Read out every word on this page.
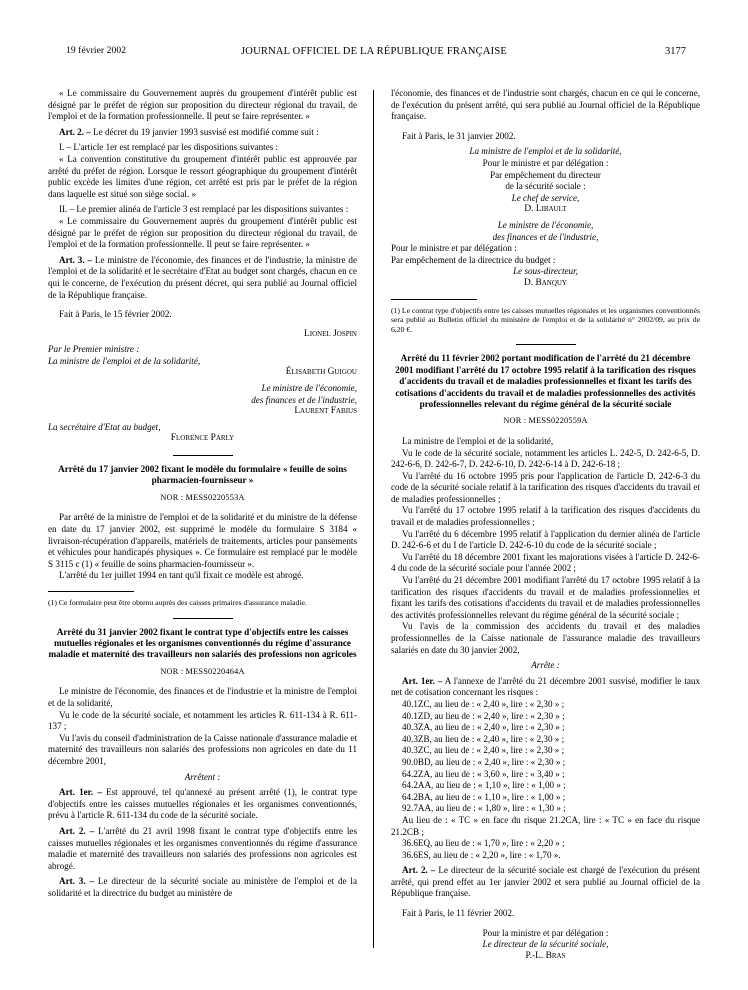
19 février 2002	JOURNAL OFFICIEL DE LA RÉPUBLIQUE FRANÇAISE	3177

« Le commissaire du Gouvernement auprès du groupement d'intérêt public est désigné par le préfet de région sur proposition du directeur régional du travail, de l'emploi et de la formation professionnelle. Il peut se faire représenter. »

Art. 2. – Le décret du 19 janvier 1993 susvisé est modifié comme suit :

I. – L'article 1er est remplacé par les dispositions suivantes :

« La convention constitutive du groupement d'intérêt public est approuvée par arrêté du préfet de région. Lorsque le ressort géographique du groupement d'intérêt public excède les limites d'une région, cet arrêté est pris par le préfet de la région dans laquelle est situé son siège social. »

II. – Le premier alinéa de l'article 3 est remplacé par les dispositions suivantes :

« Le commissaire du Gouvernement auprès du groupement d'intérêt public est désigné par le préfet de région sur proposition du directeur régional du travail, de l'emploi et de la formation professionnelle. Il peut se faire représenter. »

Art. 3. – Le ministre de l'économie, des finances et de l'industrie, la ministre de l'emploi et de la solidarité et le secrétaire d'Etat au budget sont chargés, chacun en ce qui le concerne, de l'exécution du présent décret, qui sera publié au Journal officiel de la République française.

Fait à Paris, le 15 février 2002.

Lionel Jospin

Par le Premier ministre :

La ministre de l'emploi et de la solidarité,

Élisabeth Guigou

Le ministre de l'économie,

des finances et de l'industrie,

Laurent Fabius

La secrétaire d'Etat au budget,

Florence Parly

Arrêté du 17 janvier 2002 fixant le modèle du formulaire « feuille de soins pharmacien-fournisseur »

NOR : MESS0220553A

Par arrêté de la ministre de l'emploi et de la solidarité et du ministre de la défense en date du 17 janvier 2002, est supprimé le modèle du formulaire S 3184 « livraison-récupération d'appareils, matériels de traitements, articles pour pansements et véhicules pour handicapés physiques ». Ce formulaire est remplacé par le modèle S 3115 c (1) « feuille de soins pharmacien-fournisseur ».

L'arrêté du 1er juillet 1994 en tant qu'il fixait ce modèle est abrogé.

(1) Ce formulaire peut être obtenu auprès des caisses primaires d'assurance maladie.

Arrêté du 31 janvier 2002 fixant le contrat type d'objectifs entre les caisses mutuelles régionales et les organismes conventionnés du régime d'assurance maladie et maternité des travailleurs non salariés des professions non agricoles

NOR : MESS0220464A

Le ministre de l'économie, des finances et de l'industrie et la ministre de l'emploi et de la solidarité,

Vu le code de la sécurité sociale, et notamment les articles R. 611-134 à R. 611-137 ;

Vu l'avis du conseil d'administration de la Caisse nationale d'assurance maladie et maternité des travailleurs non salariés des professions non agricoles en date du 11 décembre 2001,

Arrêtent :

Art. 1er. – Est approuvé, tel qu'annexé au présent arrêté (1), le contrat type d'objectifs entre les caisses mutuelles régionales et les organismes conventionnés, prévu à l'article R. 611-134 du code de la sécurité sociale.

Art. 2. – L'arrêté du 21 avril 1998 fixant le contrat type d'objectifs entre les caisses mutuelles régionales et les organismes conventionnés du régime d'assurance maladie et maternité des travailleurs non salariés des professions non agricoles est abrogé.

Art. 3. – Le directeur de la sécurité sociale au ministère de l'emploi et de la solidarité et la directrice du budget au ministère de

l'économie, des finances et de l'industrie sont chargés, chacun en ce qui le concerne, de l'exécution du présent arrêté, qui sera publié au Journal officiel de la République française.

Fait à Paris, le 31 janvier 2002.

La ministre de l'emploi et de la solidarité,

Pour le ministre et par délégation :

Par empêchement du directeur

de la sécurité sociale :

Le chef de service,

D. Libault

Le ministre de l'économie,

des finances et de l'industrie,

Pour le ministre et par délégation :

Par empêchement de la directrice du budget :

Le sous-directeur,

D. Banquy

(1) Le contrat type d'objectifs entre les caisses mutuelles régionales et les organismes conventionnés sera publié au Bulletin officiel du ministère de l'emploi et de la solidarité n° 2002/09, au prix de 6,20 €.

Arrêté du 11 février 2002 portant modification de l'arrêté du 21 décembre 2001 modifiant l'arrêté du 17 octobre 1995 relatif à la tarification des risques d'accidents du travail et de maladies professionnelles et fixant les tarifs des cotisations d'accidents du travail et de maladies professionnelles des activités professionnelles relevant du régime général de la sécurité sociale

NOR : MESS0220559A

La ministre de l'emploi et de la solidarité,

Vu le code de la sécurité sociale, notamment les articles L. 242-5, D. 242-6-5, D. 242-6-6, D. 242-6-7, D. 242-6-10, D. 242-6-14 à D. 242-6-18 ;

Vu l'arrêté du 16 octobre 1995 pris pour l'application de l'article D. 242-6-3 du code de la sécurité sociale relatif à la tarification des risques d'accidents du travail et de maladies professionnelles ;

Vu l'arrêté du 17 octobre 1995 relatif à la tarification des risques d'accidents du travail et de maladies professionnelles ;

Vu l'arrêté du 6 décembre 1995 relatif à l'application du dernier alinéa de l'article D. 242-6-6 et du I de l'article D. 242-6-10 du code de la sécurité sociale ;

Vu l'arrêté du 18 décembre 2001 fixant les majorations visées à l'article D. 242-6-4 du code de la sécurité sociale pour l'année 2002 ;

Vu l'arrêté du 21 décembre 2001 modifiant l'arrêté du 17 octobre 1995 relatif à la tarification des risques d'accidents du travail et de maladies professionnelles et fixant les tarifs des cotisations d'accidents du travail et de maladies professionnelles des activités professionnelles relevant du régime général de la sécurité sociale ;

Vu l'avis de la commission des accidents du travail et des maladies professionnelles de la Caisse nationale de l'assurance maladie des travailleurs salariés en date du 30 janvier 2002,

Arrête :

Art. 1er. – A l'annexe de l'arrêté du 21 décembre 2001 susvisé, modifier le taux net de cotisation concernant les risques :

40.1ZC, au lieu de : « 2,40 », lire : « 2,30 » ;

40.1ZD, au lieu de : « 2,40 », lire : « 2,30 » ;

40.3ZA, au lieu de : « 2,40 », lire : « 2,30 » ;

40.3ZB, au lieu de : « 2,40 », lire : « 2,30 » ;

40.3ZC, au lieu de : « 2,40 », lire : « 2,30 » ;

90.0BD, au lieu de : « 2,40 », lire : « 2,30 » ;

64.2ZA, au lieu de : « 3,60 », lire : « 3,40 » ;

64.2AA, au lieu de : « 1,10 », lire : « 1,00 » ;

64.2BA, au lieu de : « 1,10 », lire : « 1,00 » ;

92.7AA, au lieu de : « 1,80 », lire : « 1,30 » ;

Au lieu de : « TC » en face du risque 21.2CA, lire : « TC » en face du risque 21.2CB ;

36.6EQ, au lieu de : « 1,70 », lire : « 2,20 » ;

36.6ES, au lieu de : « 2,20 », lire : « 1,70 ».

Art. 2. – Le directeur de la sécurité sociale est chargé de l'exécution du présent arrêté, qui prend effet au 1er janvier 2002 et sera publié au Journal officiel de la République française.

Fait à Paris, le 11 février 2002.

Pour la ministre et par délégation :

Le directeur de la sécurité sociale,

P.-L. Bras
